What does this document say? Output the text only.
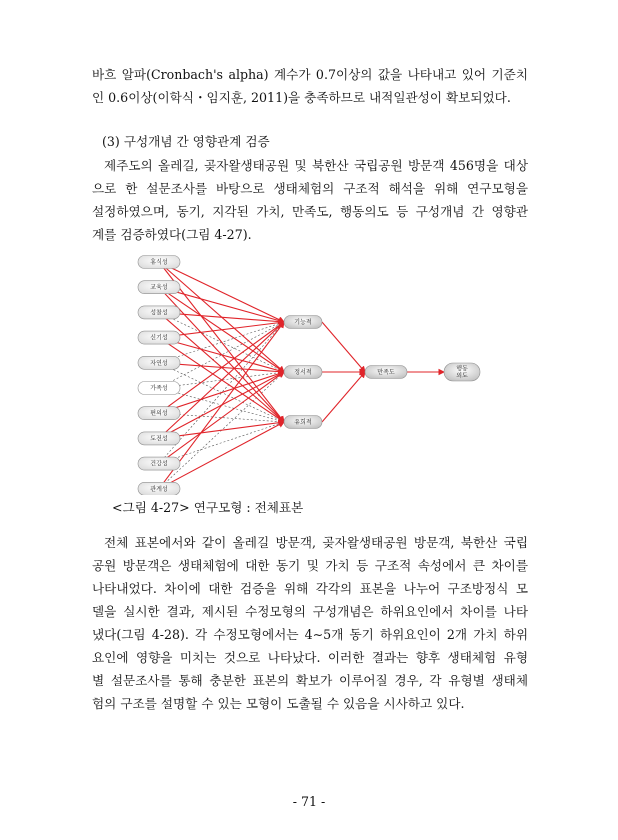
바흐 알파(Cronbach's alpha) 계수가 0.7이상의 값을 나타내고 있어 기준치
인 0.6이상(이학식・임지훈, 2011)을 충족하므로 내적일관성이 확보되었다.

(3) 구성개념 간 영향관계 검증

제주도의 올레길, 곶자왈생태공원 및 북한산 국립공원 방문객 456명을 대상
으로 한 설문조사를 바탕으로 생태체험의 구조적 해석을 위해 연구모형을
설정하였으며, 동기, 지각된 가치, 만족도, 행동의도 등 구성개념 간 영향관
계를 검증하였다(그림 4-27).

휴식성
교육성
성찰성
신기성
자연성
가족성
편의성
도전성
건강성
관계성
기능적
정서적
유희적
만족도	행동
의도

<그림 4-27> 연구모형 : 전체표본

전체 표본에서와 같이 올레길 방문객, 곶자왈생태공원 방문객, 북한산 국립
공원 방문객은 생태체험에 대한 동기 및 가치 등 구조적 속성에서 큰 차이를
나타내었다. 차이에 대한 검증을 위해 각각의 표본을 나누어 구조방정식 모
델을 실시한 결과, 제시된 수정모형의 구성개념은 하위요인에서 차이를 나타
냈다(그림 4-28). 각 수정모형에서는 4∼5개 동기 하위요인이 2개 가치 하위
요인에 영향을 미치는 것으로 나타났다. 이러한 결과는 향후 생태체험 유형
별 설문조사를 통해 충분한 표본의 확보가 이루어질 경우, 각 유형별 생태체
험의 구조를 설명할 수 있는 모형이 도출될 수 있음을 시사하고 있다.

- 71 -
